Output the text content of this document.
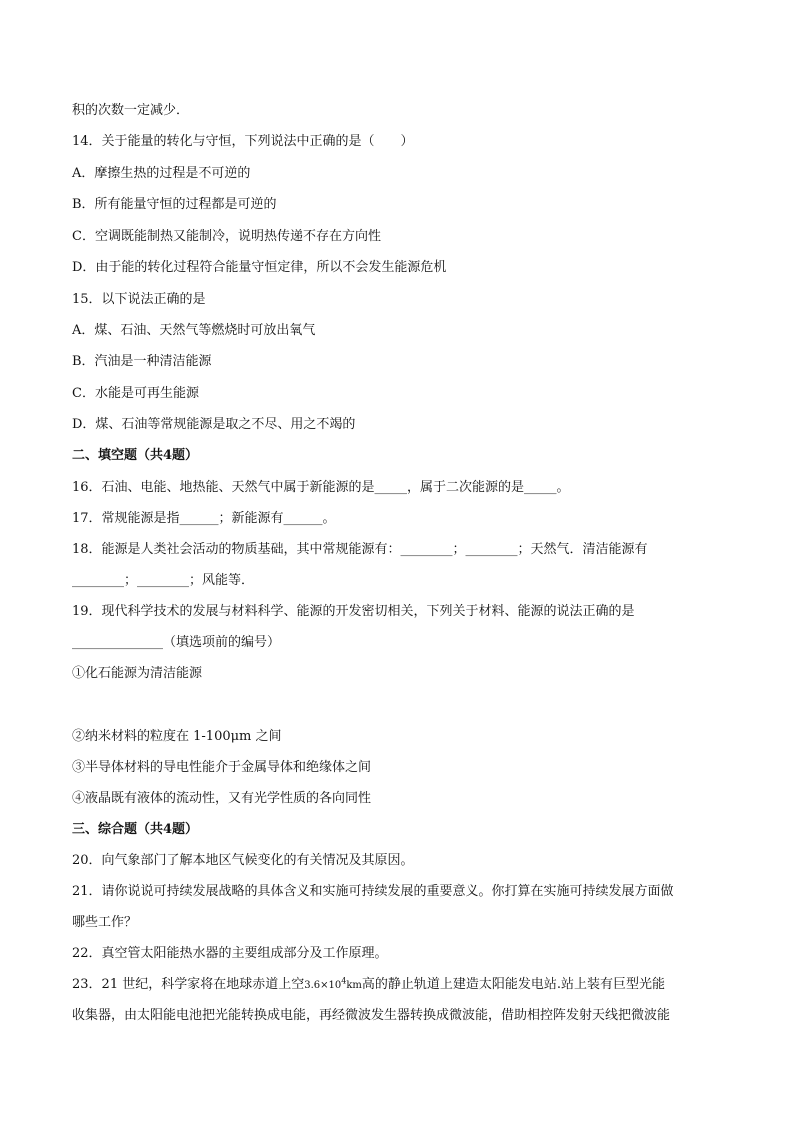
积的次数一定减少．
14．关于能量的转化与守恒，下列说法中正确的是（　　）
A．摩擦生热的过程是不可逆的
B．所有能量守恒的过程都是可逆的
C．空调既能制热又能制冷，说明热传递不存在方向性
D．由于能的转化过程符合能量守恒定律，所以不会发生能源危机
15．以下说法正确的是
A．煤、石油、天然气等燃烧时可放出氧气
B．汽油是一种清洁能源
C．水能是可再生能源
D．煤、石油等常规能源是取之不尽、用之不竭的
二、填空题（共4题）
16．石油、电能、地热能、天然气中属于新能源的是_____，属于二次能源的是_____。
17．常规能源是指______；新能源有______。
18．能源是人类社会活动的物质基础，其中常规能源有：________；________；天然气．清洁能源有
________；________；风能等．
19．现代科学技术的发展与材料科学、能源的开发密切相关，下列关于材料、能源的说法正确的是
______________（填选项前的编号）
①化石能源为清洁能源
②纳米材料的粒度在 1-100μm 之间
③半导体材料的导电性能介于金属导体和绝缘体之间
④液晶既有液体的流动性，又有光学性质的各向同性
三、综合题（共4题）
20．向气象部门了解本地区气候变化的有关情况及其原因。
21．请你说说可持续发展战略的具体含义和实施可持续发展的重要意义。你打算在实施可持续发展方面做
哪些工作？
22．真空管太阳能热水器的主要组成部分及工作原理。
23．21 世纪，科学家将在地球赤道上空$3.6\times 10^4km$高的静止轨道上建造太阳能发电站.站上装有巨型光能
收集器，由太阳能电池把光能转换成电能，再经微波发生器转换成微波能，借助相控阵发射天线把微波能
